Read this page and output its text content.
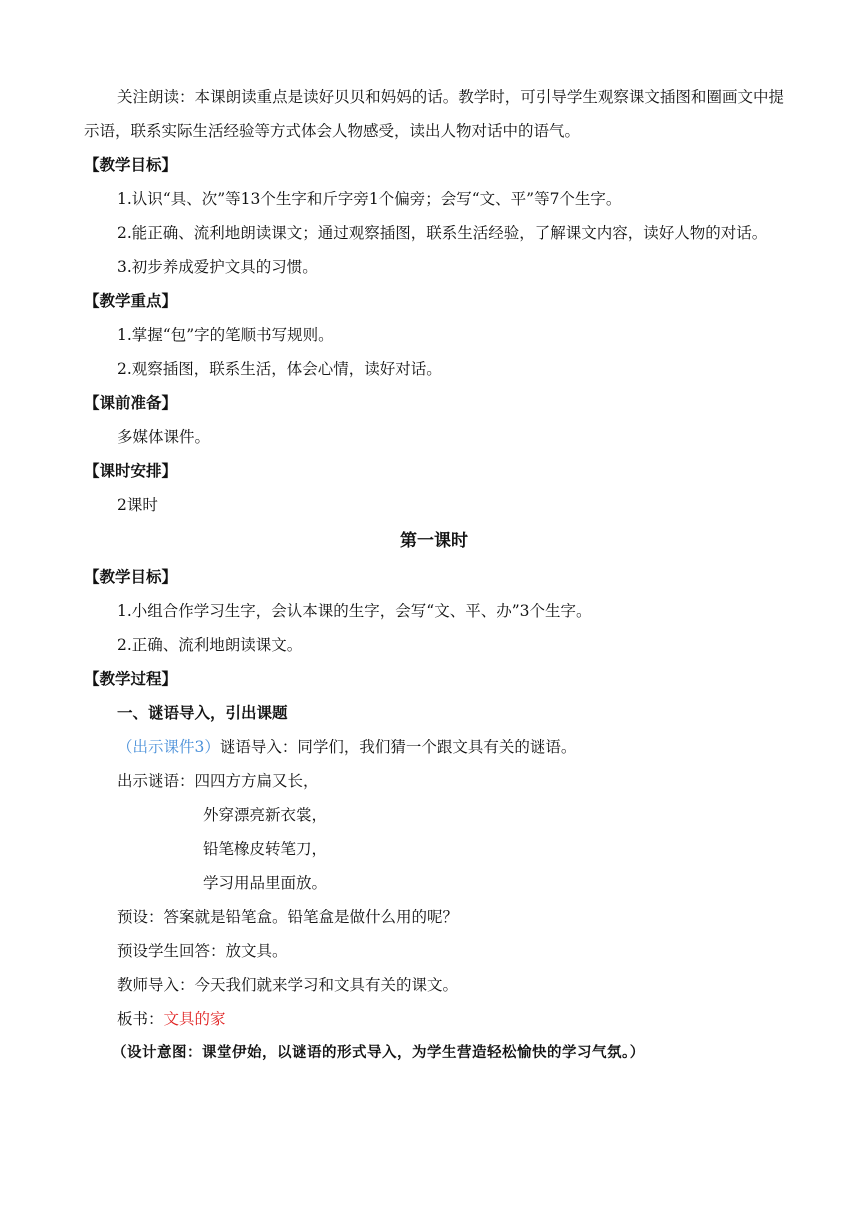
关注朗读：本课朗读重点是读好贝贝和妈妈的话。教学时，可引导学生观察课文插图和圈画文中提示语，联系实际生活经验等方式体会人物感受，读出人物对话中的语气。
【教学目标】
1.认识“具、次”等13个生字和斤字旁1个偏旁；会写“文、平”等7个生字。
2.能正确、流利地朗读课文；通过观察插图，联系生活经验，了解课文内容，读好人物的对话。
3.初步养成爱护文具的习惯。
【教学重点】
1.掌握“包”字的笔顺书写规则。
2.观察插图，联系生活，体会心情，读好对话。
【课前准备】
多媒体课件。
【课时安排】
2课时
第一课时
【教学目标】
1.小组合作学习生字，会认本课的生字，会写“文、平、办”3个生字。
2.正确、流利地朗读课文。
【教学过程】
一、谜语导入，引出课题
（出示课件3）谜语导入：同学们，我们猜一个跟文具有关的谜语。
出示谜语：四四方方扁又长，
外穿漂亮新衣裳，
铅笔橡皮转笔刀，
学习用品里面放。
预设：答案就是铅笔盒。铅笔盒是做什么用的呢？
预设学生回答：放文具。
教师导入：今天我们就来学习和文具有关的课文。
板书：文具的家
（设计意图：课堂伊始，以谜语的形式导入，为学生营造轻松愉快的学习气氛。）
